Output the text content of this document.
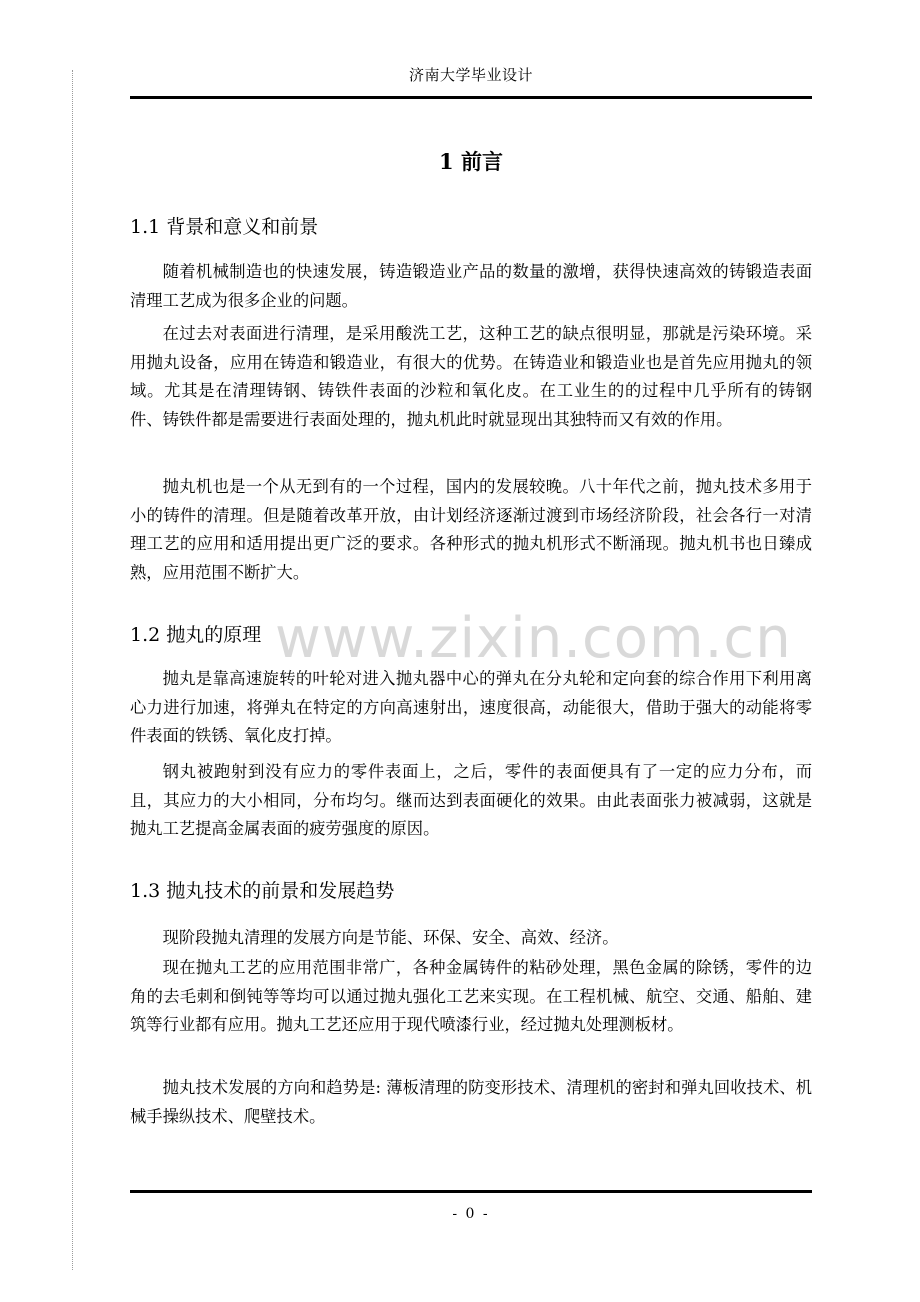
济南大学毕业设计
1 前言
1.1 背景和意义和前景

随着机械制造也的快速发展，铸造锻造业产品的数量的激增，获得快速高效的铸锻造表面清理工艺成为很多企业的问题。

在过去对表面进行清理，是采用酸洗工艺，这种工艺的缺点很明显，那就是污染环境。采用抛丸设备，应用在铸造和锻造业，有很大的优势。在铸造业和锻造业也是首先应用抛丸的领域。尤其是在清理铸钢、铸铁件表面的沙粒和氧化皮。在工业生的的过程中几乎所有的铸钢件、铸铁件都是需要进行表面处理的，抛丸机此时就显现出其独特而又有效的作用。

抛丸机也是一个从无到有的一个过程，国内的发展较晚。八十年代之前，抛丸技术多用于小的铸件的清理。但是随着改革开放，由计划经济逐渐过渡到市场经济阶段，社会各行一对清理工艺的应用和适用提出更广泛的要求。各种形式的抛丸机形式不断涌现。抛丸机书也日臻成熟，应用范围不断扩大。

www.zixin.com.cn
1.2 抛丸的原理

抛丸是靠高速旋转的叶轮对进入抛丸器中心的弹丸在分丸轮和定向套的综合作用下利用离心力进行加速，将弹丸在特定的方向高速射出，速度很高，动能很大，借助于强大的动能将零件表面的铁锈、氧化皮打掉。

钢丸被跑射到没有应力的零件表面上，之后，零件的表面便具有了一定的应力分布，而且，其应力的大小相同，分布均匀。继而达到表面硬化的效果。由此表面张力被减弱，这就是抛丸工艺提高金属表面的疲劳强度的原因。

1.3 抛丸技术的前景和发展趋势

现阶段抛丸清理的发展方向是节能、环保、安全、高效、经济。

现在抛丸工艺的应用范围非常广，各种金属铸件的粘砂处理，黑色金属的除锈，零件的边角的去毛刺和倒钝等等均可以通过抛丸强化工艺来实现。在工程机械、航空、交通、船舶、建筑等行业都有应用。抛丸工艺还应用于现代喷漆行业，经过抛丸处理测板材。

抛丸技术发展的方向和趋势是: 薄板清理的防变形技术、清理机的密封和弹丸回收技术、机械手操纵技术、爬壁技术。

- 0 -
